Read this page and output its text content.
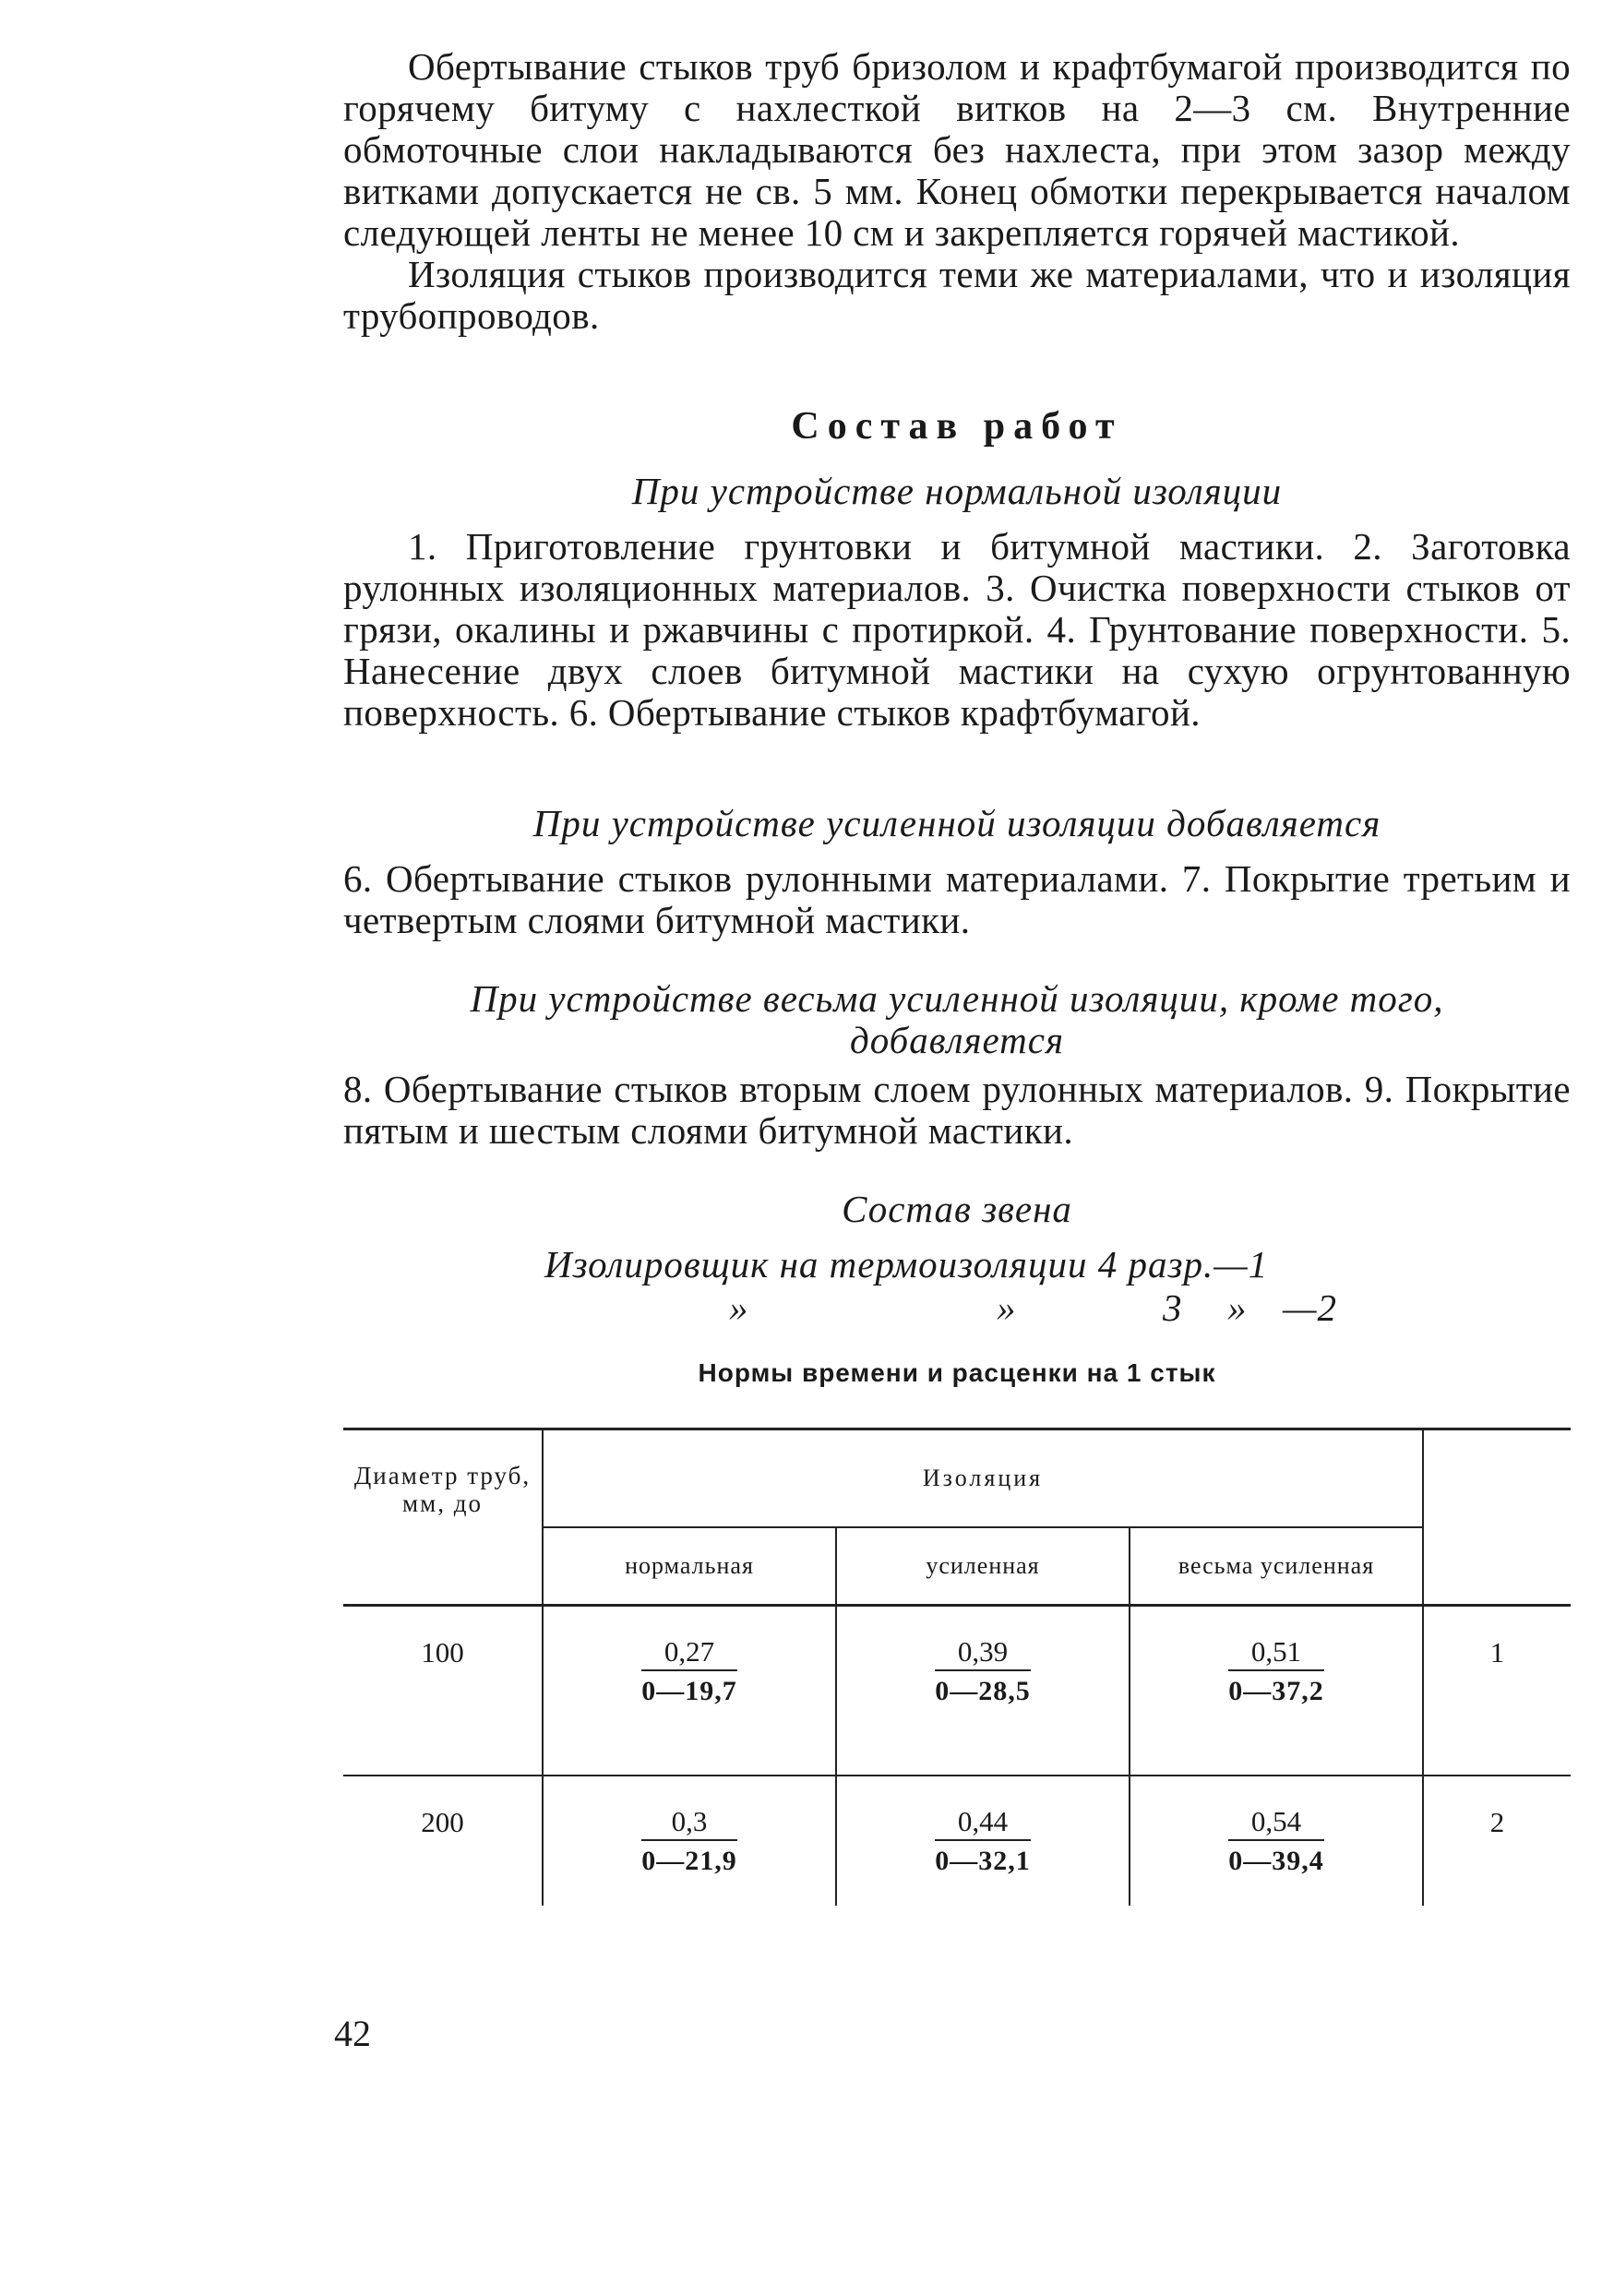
Обертывание стыков труб бризолом и крафтбумагой производится по горячему битуму с нахлесткой витков на 2—3 см. Внутренние обмоточные слои накладываются без нахлеста, при этом зазор между витками допускается не св. 5 мм. Конец обмотки перекрывается началом следующей ленты не менее 10 см и закрепляется горячей мастикой.

Изоляция стыков производится теми же материалами, что и изоляция трубопроводов.

Состав работ
При устройстве нормальной изоляции

1. Приготовление грунтовки и битумной мастики. 2. Заготовка рулонных изоляционных материалов. 3. Очистка поверхности стыков от грязи, окалины и ржавчины с протиркой. 4. Грунтование поверхности. 5. Нанесение двух слоев битумной мастики на сухую огрунтованную поверхность. 6. Обертывание стыков крафтбумагой.

При устройстве усиленной изоляции добавляется

6. Обертывание стыков рулонными материалами. 7. Покрытие третьим и четвертым слоями битумной мастики.

При устройстве весьма усиленной изоляции, кроме того,
добавляется

8. Обертывание стыков вторым слоем рулонных материалов. 9. Покрытие пятым и шестым слоями битумной мастики.

Состав звена
Изолировщик на термоизоляции 4 разр.—1
»	»	3 » —2
Нормы времени и расценки на 1 стык
Диаметр труб, мм, до	Изоляция			
	нормальная	усиленная	весьма усиленная	
100	$\frac{0,27}{0—19,7}$	$\frac{0,39}{0—28,5}$	$\frac{0,51}{0—37,2}$	1
200	$\frac{0,3}{0—21,9}$	$\frac{0,44}{0—32,1}$	$\frac{0,54}{0—39,4}$	2
42
